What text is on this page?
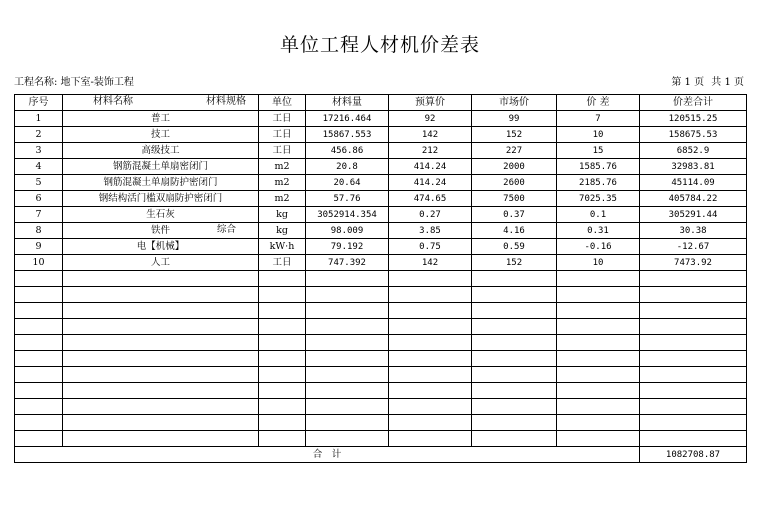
单位工程人材机价差表
工程名称: 地下室-装饰工程	第 1 页 共 1 页
序号	材料名称 材料规格	单位	材料量	预算价	市场价	价 差	价差合计
1	普工	工日	17216.464	92	99	7	120515.25
2	技工	工日	15867.553	142	152	10	158675.53
3	高级技工	工日	456.86	212	227	15	6852.9
4	钢筋混凝土单扇密闭门	m2	20.8	414.24	2000	1585.76	32983.81
5	钢筋混凝土单扇防护密闭门	m2	20.64	414.24	2600	2185.76	45114.09
6	钢结构活门槛双扇防护密闭门	m2	57.76	474.65	7500	7025.35	405784.22
7	生石灰	kg	3052914.354	0.27	0.37	0.1	305291.44
8	铁件 综合	kg	98.009	3.85	4.16	0.31	30.38
9	电【机械】	kW·h	79.192	0.75	0.59	-0.16	-12.67
10	人工	工日	747.392	142	152	10	7473.92

合　计							1082708.87
